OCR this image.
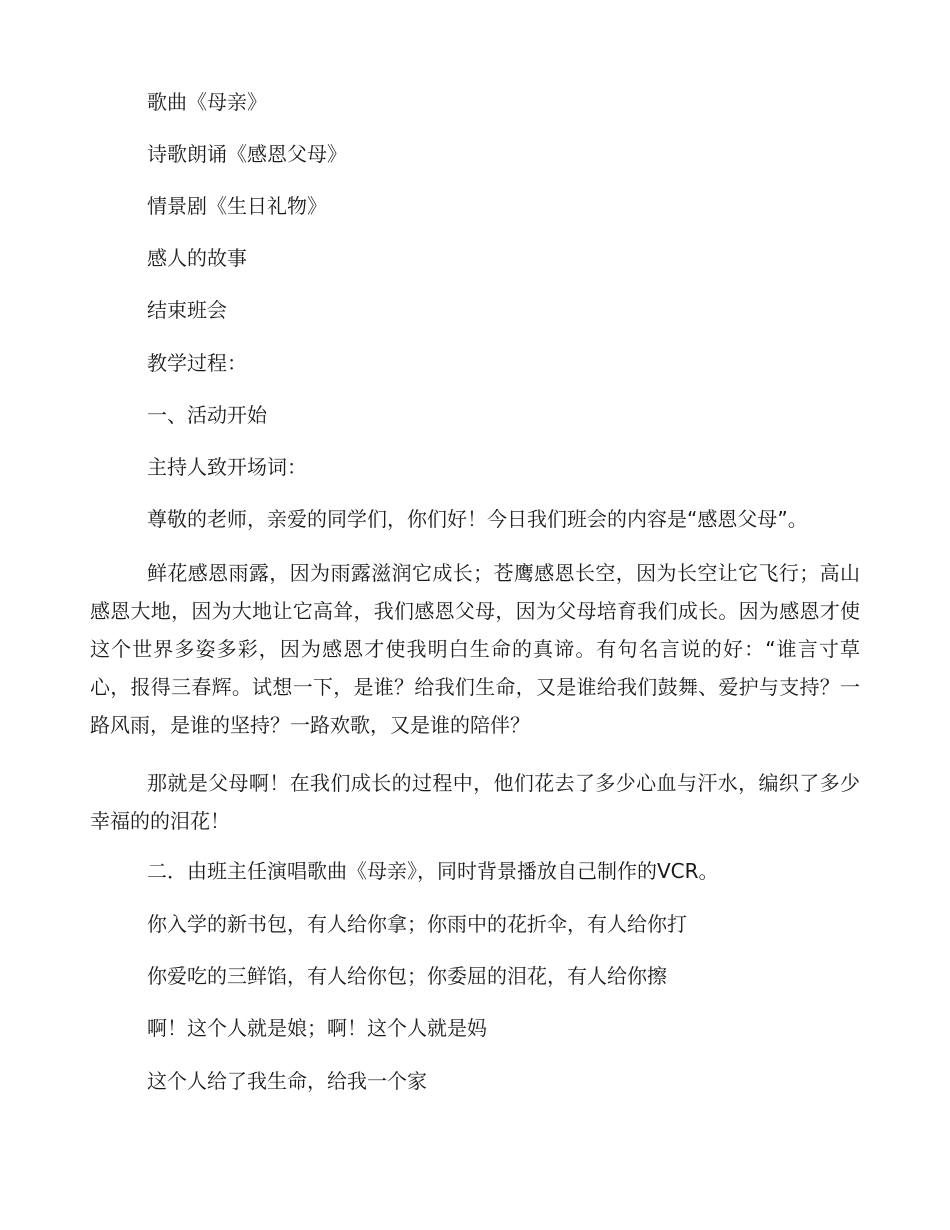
歌曲《母亲》
诗歌朗诵《感恩父母》
情景剧《生日礼物》
感人的故事
结束班会
教学过程：
一、活动开始
主持人致开场词：
尊敬的老师，亲爱的同学们，你们好！今日我们班会的内容是“感恩父母”。
鲜花感恩雨露，因为雨露滋润它成长；苍鹰感恩长空，因为长空让它飞行；高山感恩大地，因为大地让它高耸，我们感恩父母，因为父母培育我们成长。因为感恩才使这个世界多姿多彩，因为感恩才使我明白生命的真谛。有句名言说的好：“谁言寸草心，报得三春辉。试想一下，是谁？给我们生命，又是谁给我们鼓舞、爱护与支持？一路风雨，是谁的坚持？一路欢歌，又是谁的陪伴？
那就是父母啊！在我们成长的过程中，他们花去了多少心血与汗水，编织了多少幸福的的泪花！
二．由班主任演唱歌曲《母亲》，同时背景播放自己制作的VCR。
你入学的新书包，有人给你拿；你雨中的花折伞，有人给你打
你爱吃的三鲜馅，有人给你包；你委屈的泪花，有人给你擦
啊！这个人就是娘；啊！这个人就是妈
这个人给了我生命，给我一个家
